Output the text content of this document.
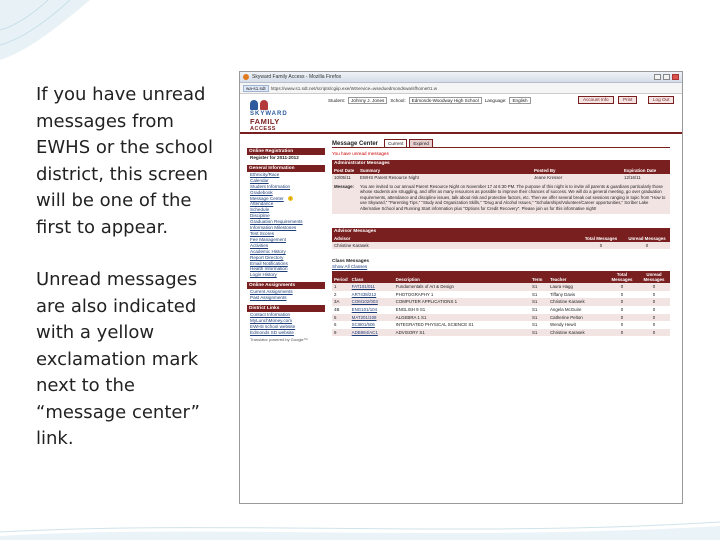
If you have unread messages from EWHS or the school district, this screen will be one of the first to appear.

Unread messages are also indicated with a yellow exclamation mark next to the “message center” link.

Skyward Family Access - Mozilla Firefox
wa-s1.sdt	https://www.s1.sdt.net/scripts/cgiip.exe/WService=wseduedmondswa/sfhome01.w
SKYWARD
FAMILY
ACCESS
Student:	Johnny J. Jones	School:	Edmonds-Woodway High School	Language:	English	Account Info	Print	Log Out
Online Registration
Register for 2011-2012
General Information
Ethnicity/Race
Calendar
Student Information
Gradebook
Message Center !
Attendance
Schedule
Discipline
Graduation Requirements
Information Milestones
Test Scores
Fee Management
Activities
Academic History
Report Directory
Email Notifications
Health Information
Login History
Online Assignments
Current Assignments
Past Assignments
District Links
Contact Information
MyLunchMoney.com
EWHS school website
Edmonds SD website
Translator powered by Google™
Message Center	Current	Expired
You have unread messages
Administrator Messages
Post Date	Summary	Posted By	Expiration Date
10/05/11	EWHS Parent Resource Night	Jeane Kresser	12/16/11
Message:	You are invited to our annual Parent Resource Night on November 17 at 6:30 PM. The purpose of this night is to invite all parents & guardians particularly those whose students are struggling, and offer as many resources as possible to improve their chances of success. We will do a general meeting, go over graduation requirements, attendance and discipline issues, talk about risk and protective factors, etc. Then we offer several break out sessions ranging in topic from "How to use Skyward," "Parenting Tips," "Study and Organization Skills," "Drug and Alcohol Issues," "Scholarships/Volunteer/Career opportunities," Scriber Lake Alternative School and Running Start information plus "Options for Credit Recovery". Please join us for this informative night!
Advisor Messages
Advisor	Total Messages	Unread Messages
Christine Karasek	0	0
Class Messages
Show All Classes
Period	Class	Description	Term	Teacher	Total Messages	Unread Messages
1	FAT101/011	Fundamentals of Art & Design	S1	Laura Hagg	0	0
2	ART438/212	PHOTOGRAPHY 1	S1	Tiffany Davis	0	0
3A	COM102/003	COMPUTER APPLICATIONS 1	S1	Christine Karasek	0	0
4B	ENG101/104	ENGLISH 9 S1	S1	Angela McGuire	0	0
5	MAT201/108	ALGEBRA 1 S1	S1	Catherine Pelton	0	0
6	SCI801/506	INTEGRATED PHYSICAL SCIENCE S1	S1	Wendy Hewit	0	0
9	ADB994/AC1	ADVISORY S1	S1	Christine Karasek	0	0
